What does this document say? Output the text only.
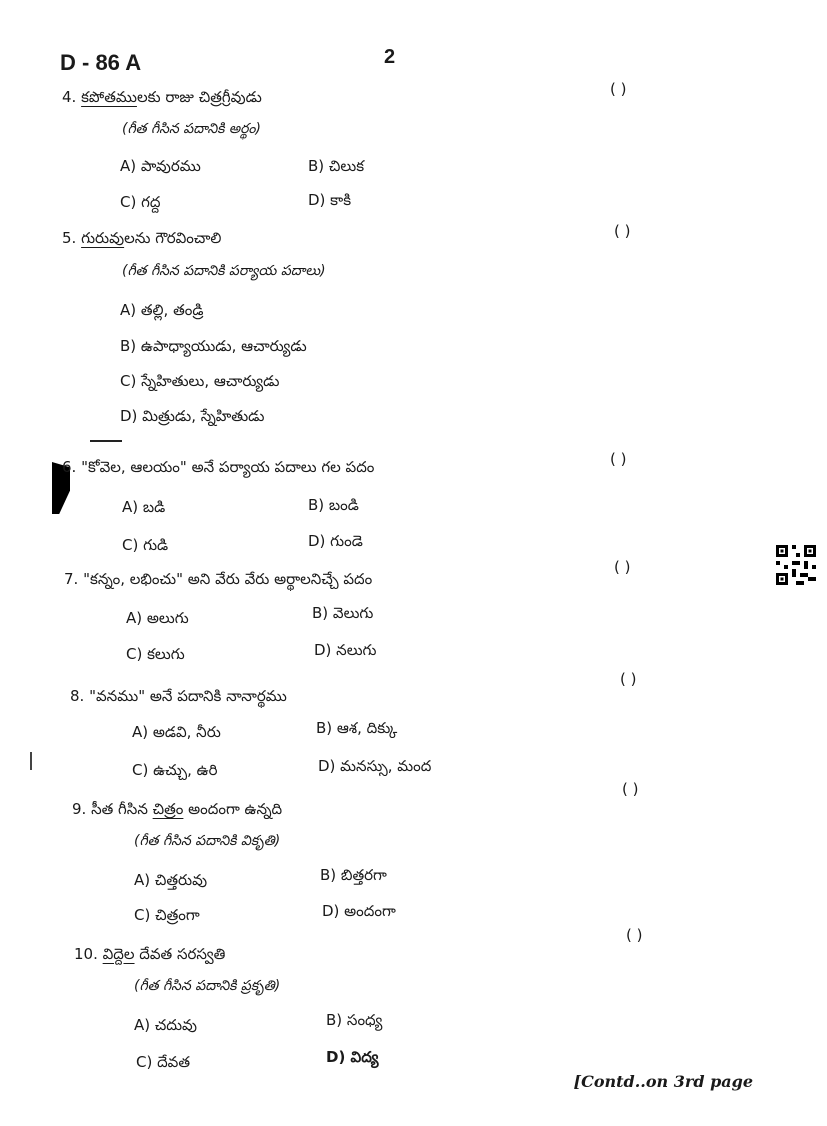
D - 86 A	2
4. కపోతములకు రాజు చిత్రగ్రీవుడు	( )
(గీత గీసిన పదానికి అర్థం)
A) పావురము	B) చిలుక
C) గద్ద	D) కాకి
5. గురువులను గౌరవించాలి	( )
(గీత గీసిన పదానికి పర్యాయ పదాలు)
A) తల్లి, తండ్రి
B) ఉపాధ్యాయుడు, ఆచార్యుడు
C) స్నేహితులు, ఆచార్యుడు
D) మిత్రుడు, స్నేహితుడు
6. "కోవెల, ఆలయం" అనే పర్యాయ పదాలు గల పదం	( )
A) బడి	B) బండి
C) గుడి	D) గుండె
7. "కన్నం, లభించు" అని వేరు వేరు అర్థాలనిచ్చే పదం
( )
A) అలుగు	B) వెలుగు
C) కలుగు	D) నలుగు
8. "వనము" అనే పదానికి నానార్థము
( )
A) అడవి, నీరు	B) ఆశ, దిక్కు
C) ఉచ్చు, ఉరి	D) మనస్సు, మంద
9. సీత గీసిన చిత్రం అందంగా ఉన్నది
( )
(గీత గీసిన పదానికి వికృతి)
A) చిత్తరువు	B) బిత్తరగా
C) చిత్రంగా	D) అందంగా
10. విద్దెల దేవత సరస్వతి
( )
(గీత గీసిన పదానికి ప్రకృతి)
A) చదువు	B) సంధ్య
C) దేవత	D) విద్య
[Contd..on 3rd page
